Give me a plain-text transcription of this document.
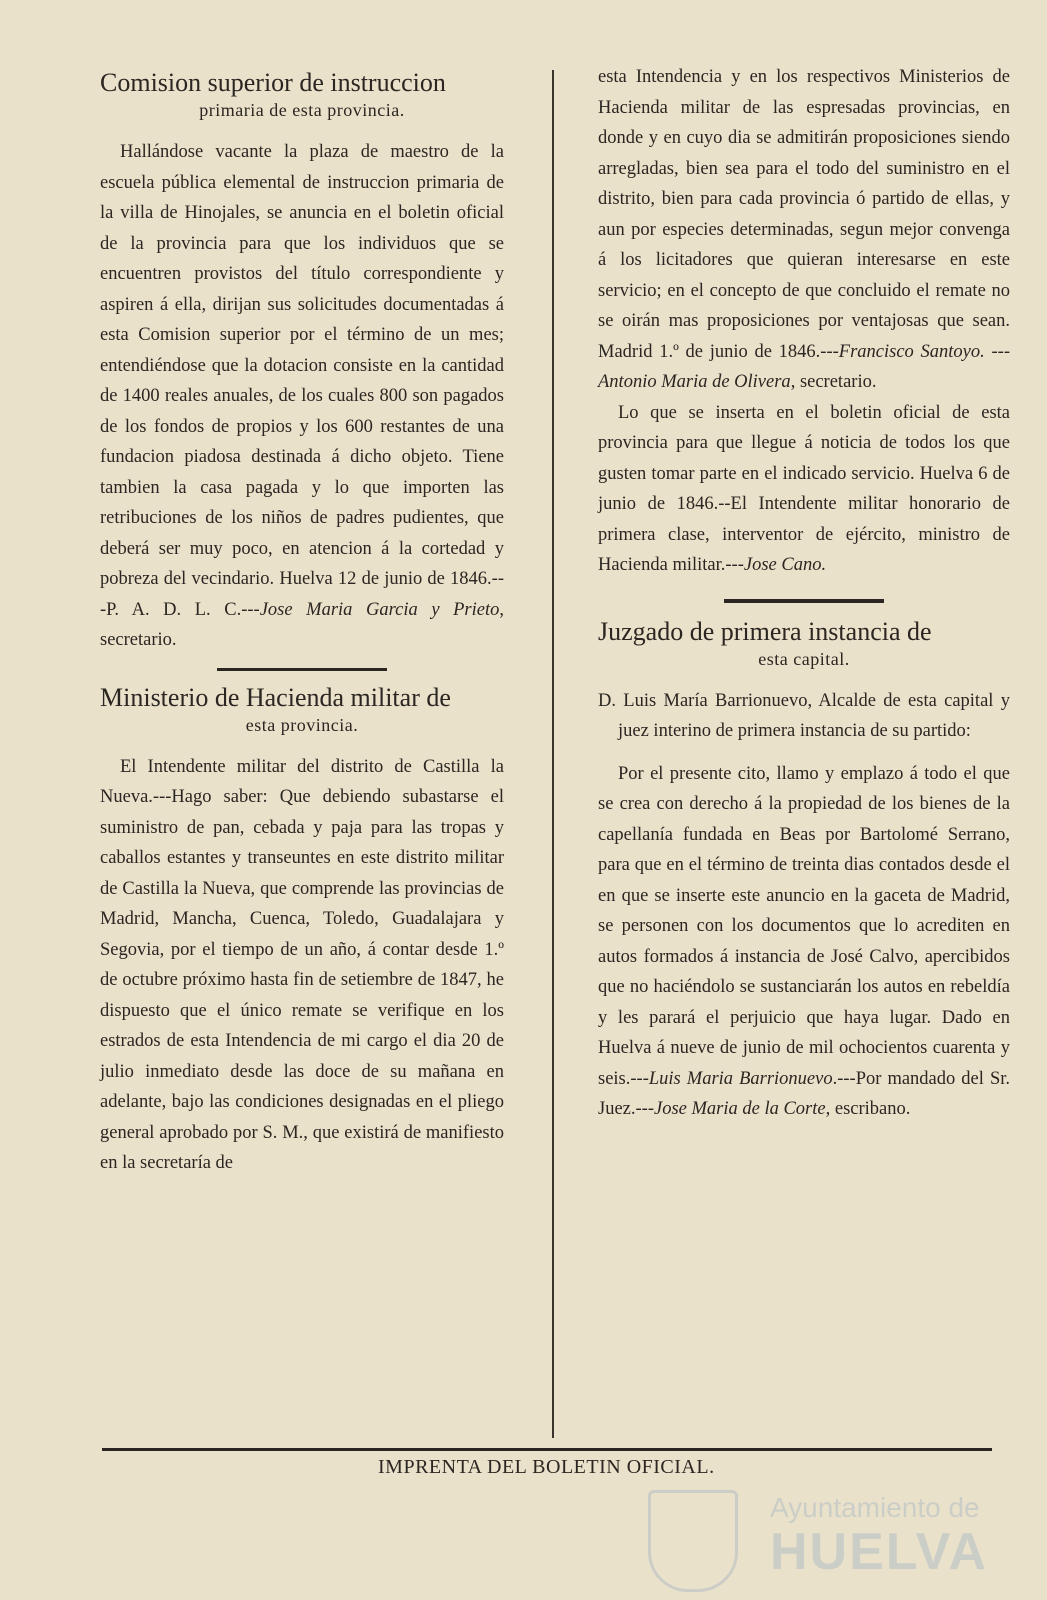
Comision superior de instruccion
primaria de esta provincia.

Hallándose vacante la plaza de maestro de la escuela pública elemental de instruccion primaria de la villa de Hinojales, se anuncia en el boletin oficial de la provincia para que los individuos que se encuentren provistos del título correspondiente y aspiren á ella, dirijan sus solicitudes documentadas á esta Comision superior por el término de un mes; entendiéndose que la dotacion consiste en la cantidad de 1400 reales anuales, de los cuales 800 son pagados de los fondos de propios y los 600 restantes de una fundacion piadosa destinada á dicho objeto. Tiene tambien la casa pagada y lo que importen las retribuciones de los niños de padres pudientes, que deberá ser muy poco, en atencion á la cortedad y pobreza del vecindario. Huelva 12 de junio de 1846.---P. A. D. L. C.---Jose Maria Garcia y Prieto, secretario.

Ministerio de Hacienda militar de
esta provincia.

El Intendente militar del distrito de Castilla la Nueva.---Hago saber: Que debiendo subastarse el suministro de pan, cebada y paja para las tropas y caballos estantes y transeuntes en este distrito militar de Castilla la Nueva, que comprende las provincias de Madrid, Mancha, Cuenca, Toledo, Guadalajara y Segovia, por el tiempo de un año, á contar desde 1.º de octubre próximo hasta fin de setiembre de 1847, he dispuesto que el único remate se verifique en los estrados de esta Intendencia de mi cargo el dia 20 de julio inmediato desde las doce de su mañana en adelante, bajo las condiciones designadas en el pliego general aprobado por S. M., que existirá de manifiesto en la secretaría de

esta Intendencia y en los respectivos Ministerios de Hacienda militar de las espresadas provincias, en donde y en cuyo dia se admitirán proposiciones siendo arregladas, bien sea para el todo del suministro en el distrito, bien para cada provincia ó partido de ellas, y aun por especies determinadas, segun mejor convenga á los licitadores que quieran interesarse en este servicio; en el concepto de que concluido el remate no se oirán mas proposiciones por ventajosas que sean. Madrid 1.º de junio de 1846.---Francisco Santoyo. ---Antonio Maria de Olivera, secretario.

Lo que se inserta en el boletin oficial de esta provincia para que llegue á noticia de todos los que gusten tomar parte en el indicado servicio. Huelva 6 de junio de 1846.--El Intendente militar honorario de primera clase, interventor de ejército, ministro de Hacienda militar.---Jose Cano.

Juzgado de primera instancia de
esta capital.

D. Luis María Barrionuevo, Alcalde de esta capital y juez interino de primera instancia de su partido:

Por el presente cito, llamo y emplazo á todo el que se crea con derecho á la propiedad de los bienes de la capellanía fundada en Beas por Bartolomé Serrano, para que en el término de treinta dias contados desde el en que se inserte este anuncio en la gaceta de Madrid, se personen con los documentos que lo acrediten en autos formados á instancia de José Calvo, apercibidos que no haciéndolo se sustanciarán los autos en rebeldía y les parará el perjuicio que haya lugar. Dado en Huelva á nueve de junio de mil ochocientos cuarenta y seis.---Luis Maria Barrionuevo.---Por mandado del Sr. Juez.---Jose Maria de la Corte, escribano.

IMPRENTA DEL BOLETIN OFICIAL.
Ayuntamiento de
HUELVA
